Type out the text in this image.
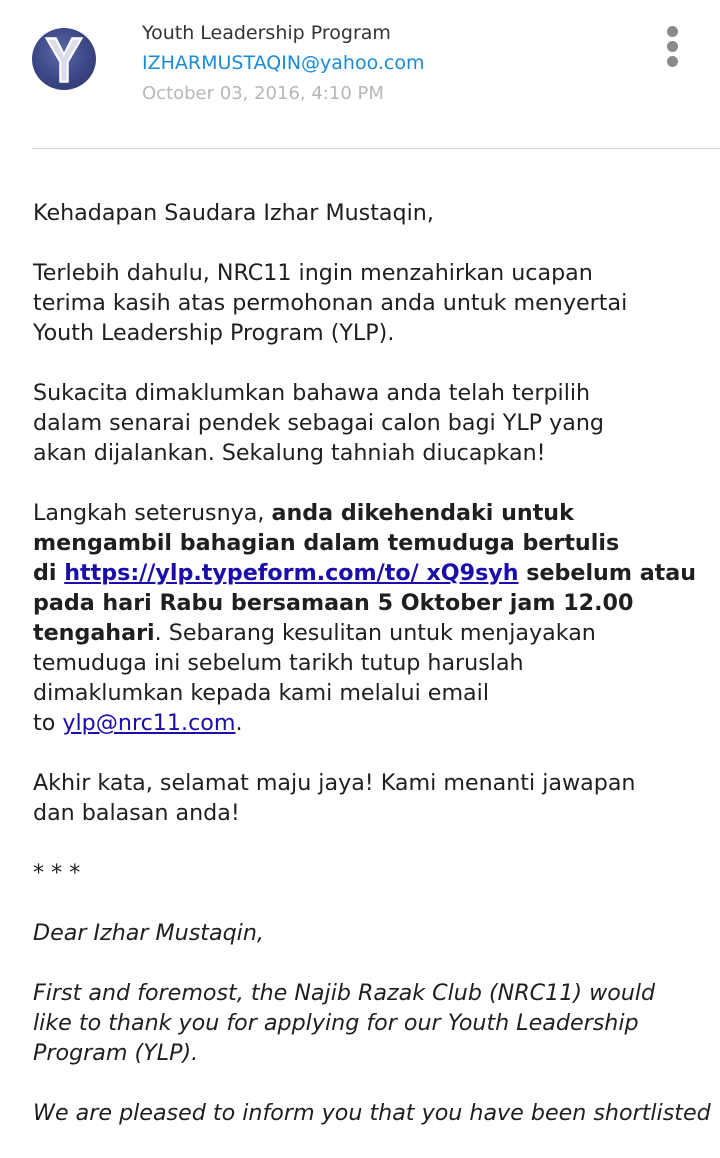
Youth Leadership Program
IZHARMUSTAQIN@yahoo.com
October 03, 2016, 4:10 PM

Kehadapan Saudara Izhar Mustaqin,

Terlebih dahulu, NRC11 ingin menzahirkan ucapan
terima kasih atas permohonan anda untuk menyertai
Youth Leadership Program (YLP).

Sukacita dimaklumkan bahawa anda telah terpilih
dalam senarai pendek sebagai calon bagi YLP yang
akan dijalankan. Sekalung tahniah diucapkan!

Langkah seterusnya, anda dikehendaki untuk
mengambil bahagian dalam temuduga bertulis
di https://ylp.typeform.com/to/ xQ9syh sebelum atau
pada hari Rabu bersamaan 5 Oktober jam 12.00
tengahari. Sebarang kesulitan untuk menjayakan
temuduga ini sebelum tarikh tutup haruslah
dimaklumkan kepada kami melalui email
to ylp@nrc11.com.

Akhir kata, selamat maju jaya! Kami menanti jawapan
dan balasan anda!

* * *

Dear Izhar Mustaqin,

First and foremost, the Najib Razak Club (NRC11) would
like to thank you for applying for our Youth Leadership
Program (YLP).

We are pleased to inform you that you have been shortlisted
